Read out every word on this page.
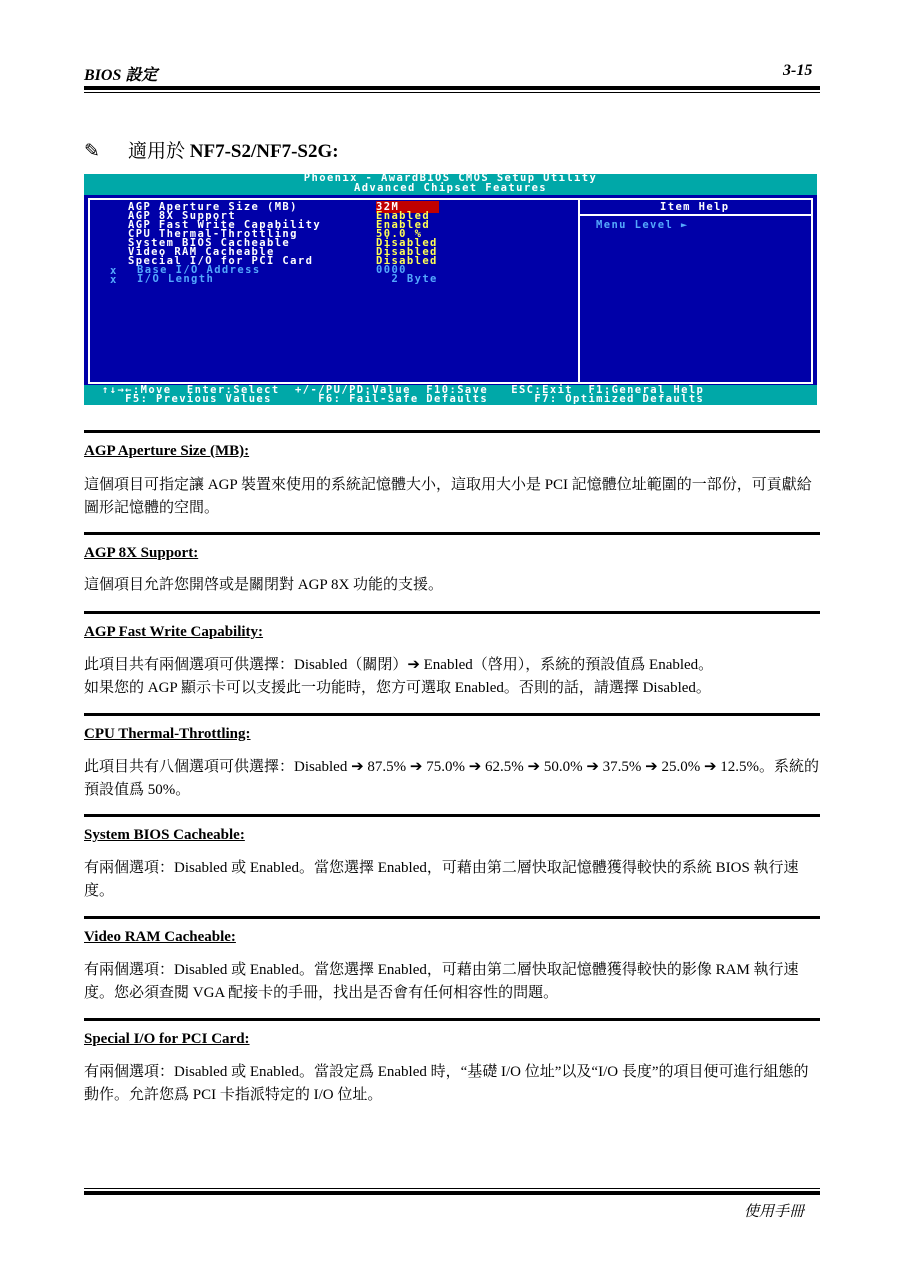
BIOS 設定	3-15
✎ 適用於 NF7-S2/NF7-S2G:
Phoenix - AwardBIOS CMOS Setup Utility
Advanced Chipset Features
AGP Aperture Size (MB)
AGP 8X Support
AGP Fast Write Capability
CPU Thermal-Throttling
System BIOS Cacheable
Video RAM Cacheable
Special I/O for PCI Card
Base I/O Address
I/O Length
x
x
32M
Enabled
Enabled
50.0 %
Disabled
Disabled
Disabled
0000
2 Byte
Item Help
Menu Level ►
↑↓→←:Move  Enter:Select  +/-/PU/PD:Value  F10:Save   ESC:Exit  F1:General Help
F5: Previous Values      F6: Fail-Safe Defaults      F7: Optimized Defaults
AGP Aperture Size (MB):
這個項目可指定讓 AGP 裝置來使用的系統記憶體大小，這取用大小是 PCI 記憶體位址範圍的一部份，可貢獻給圖形記憶體的空間。
AGP 8X Support:
這個項目允許您開啓或是關閉對 AGP 8X 功能的支援。
AGP Fast Write Capability:
此項目共有兩個選項可供選擇：Disabled（關閉）➔ Enabled（啓用），系統的預設值爲 Enabled。
如果您的 AGP 顯示卡可以支援此一功能時，您方可選取 Enabled。否則的話，請選擇 Disabled。
CPU Thermal-Throttling:
此項目共有八個選項可供選擇：Disabled ➔ 87.5% ➔ 75.0% ➔ 62.5% ➔ 50.0% ➔ 37.5% ➔ 25.0% ➔ 12.5%。系統的預設值爲 50%。
System BIOS Cacheable:
有兩個選項：Disabled 或 Enabled。當您選擇 Enabled，可藉由第二層快取記憶體獲得較快的系統 BIOS 執行速度。
Video RAM Cacheable:
有兩個選項：Disabled 或 Enabled。當您選擇 Enabled，可藉由第二層快取記憶體獲得較快的影像 RAM 執行速度。您必須查閱 VGA 配接卡的手冊，找出是否會有任何相容性的問題。
Special I/O for PCI Card:
有兩個選項：Disabled 或 Enabled。當設定爲 Enabled 時，“基礎 I/O 位址”以及“I/O 長度”的項目便可進行組態的動作。允許您爲 PCI 卡指派特定的 I/O 位址。
使用手冊
